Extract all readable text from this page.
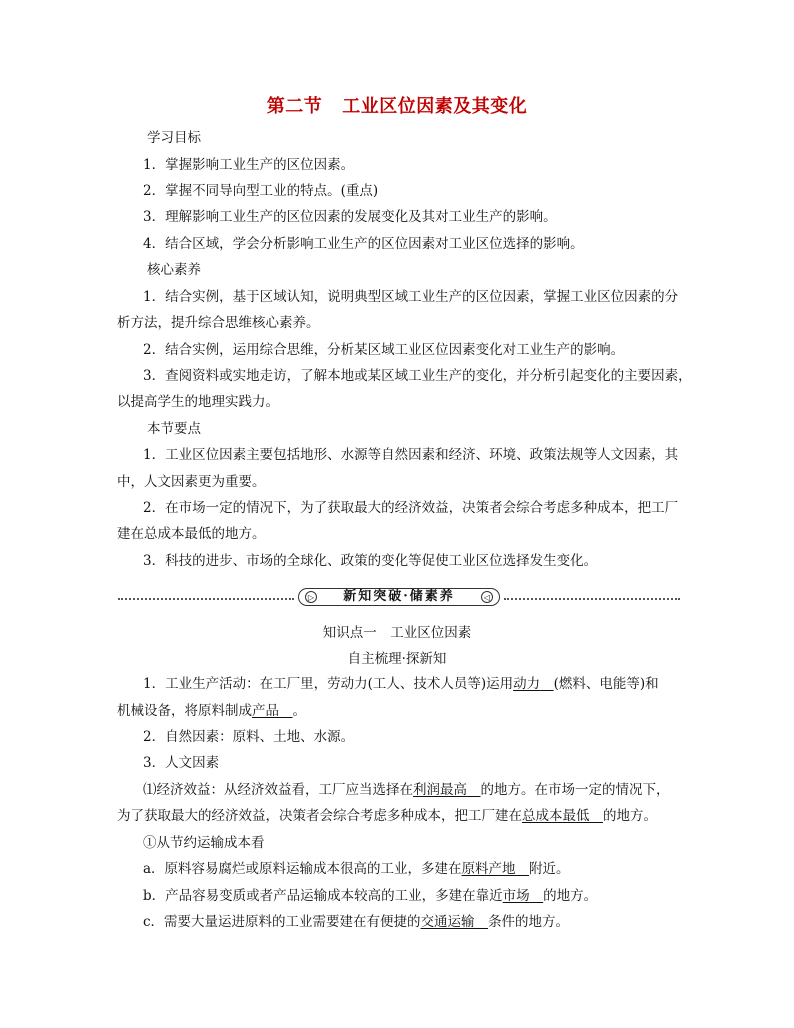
第二节 工业区位因素及其变化
学习目标
1．掌握影响工业生产的区位因素。
2．掌握不同导向型工业的特点。(重点)
3．理解影响工业生产的区位因素的发展变化及其对工业生产的影响。
4．结合区域，学会分析影响工业生产的区位因素对工业区位选择的影响。
核心素养
1．结合实例，基于区域认知，说明典型区域工业生产的区位因素，掌握工业区位因素的分
析方法，提升综合思维核心素养。
2．结合实例，运用综合思维，分析某区域工业区位因素变化对工业生产的影响。
3．查阅资料或实地走访，了解本地或某区域工业生产的变化，并分析引起变化的主要因素，
以提高学生的地理实践力。
本节要点
1．工业区位因素主要包括地形、水源等自然因素和经济、环境、政策法规等人文因素，其
中，人文因素更为重要。
2．在市场一定的情况下，为了获取最大的经济效益，决策者会综合考虑多种成本，把工厂
建在总成本最低的地方。
3．科技的进步、市场的全球化、政策的变化等促使工业区位选择发生变化。
▷ 新知突破·储素养	◁
知识点一　工业区位因素
自主梳理·探新知
1．工业生产活动：在工厂里，劳动力(工人、技术人员等)运用动力　 (燃料、电能等)和
机械设备，将原料制成产品　 。
2．自然因素：原料、土地、水源。
3．人文因素
⑴经济效益：从经济效益看，工厂应当选择在利润最高　 的地方。在市场一定的情况下，
为了获取最大的经济效益，决策者会综合考虑多种成本，把工厂建在总成本最低　 的地方。
①从节约运输成本看
a．原料容易腐烂或原料运输成本很高的工业，多建在原料产地　 附近。
b．产品容易变质或者产品运输成本较高的工业，多建在靠近市场　 的地方。
c．需要大量运进原料的工业需要建在有便捷的交通运输　 条件的地方。
